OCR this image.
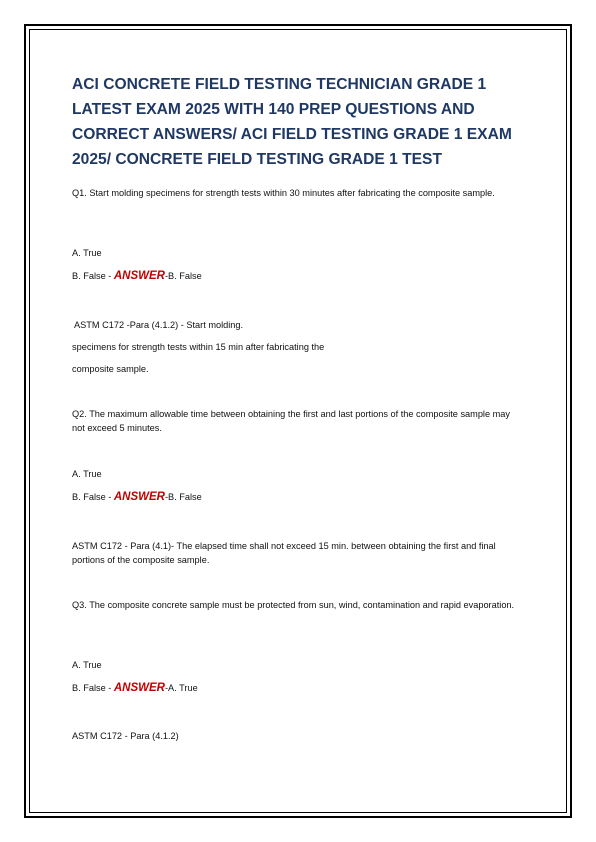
ACI CONCRETE FIELD TESTING TECHNICIAN GRADE 1 LATEST EXAM 2025 WITH 140 PREP QUESTIONS AND CORRECT ANSWERS/ ACI FIELD TESTING GRADE 1 EXAM 2025/ CONCRETE FIELD TESTING GRADE 1 TEST

Q1. Start molding specimens for strength tests within 30 minutes after fabricating the composite sample.

A. True

B. False - ANSWER-B. False

ASTM C172 -Para (4.1.2) - Start molding.

specimens for strength tests within 15 min after fabricating the

composite sample.

Q2. The maximum allowable time between obtaining the first and last portions of the composite sample may not exceed 5 minutes.

A. True

B. False - ANSWER-B. False

ASTM C172 - Para (4.1)- The elapsed time shall not exceed 15 min. between obtaining the first and final portions of the composite sample.

Q3. The composite concrete sample must be protected from sun, wind, contamination and rapid evaporation.

A. True

B. False - ANSWER-A. True

ASTM C172 - Para (4.1.2)
